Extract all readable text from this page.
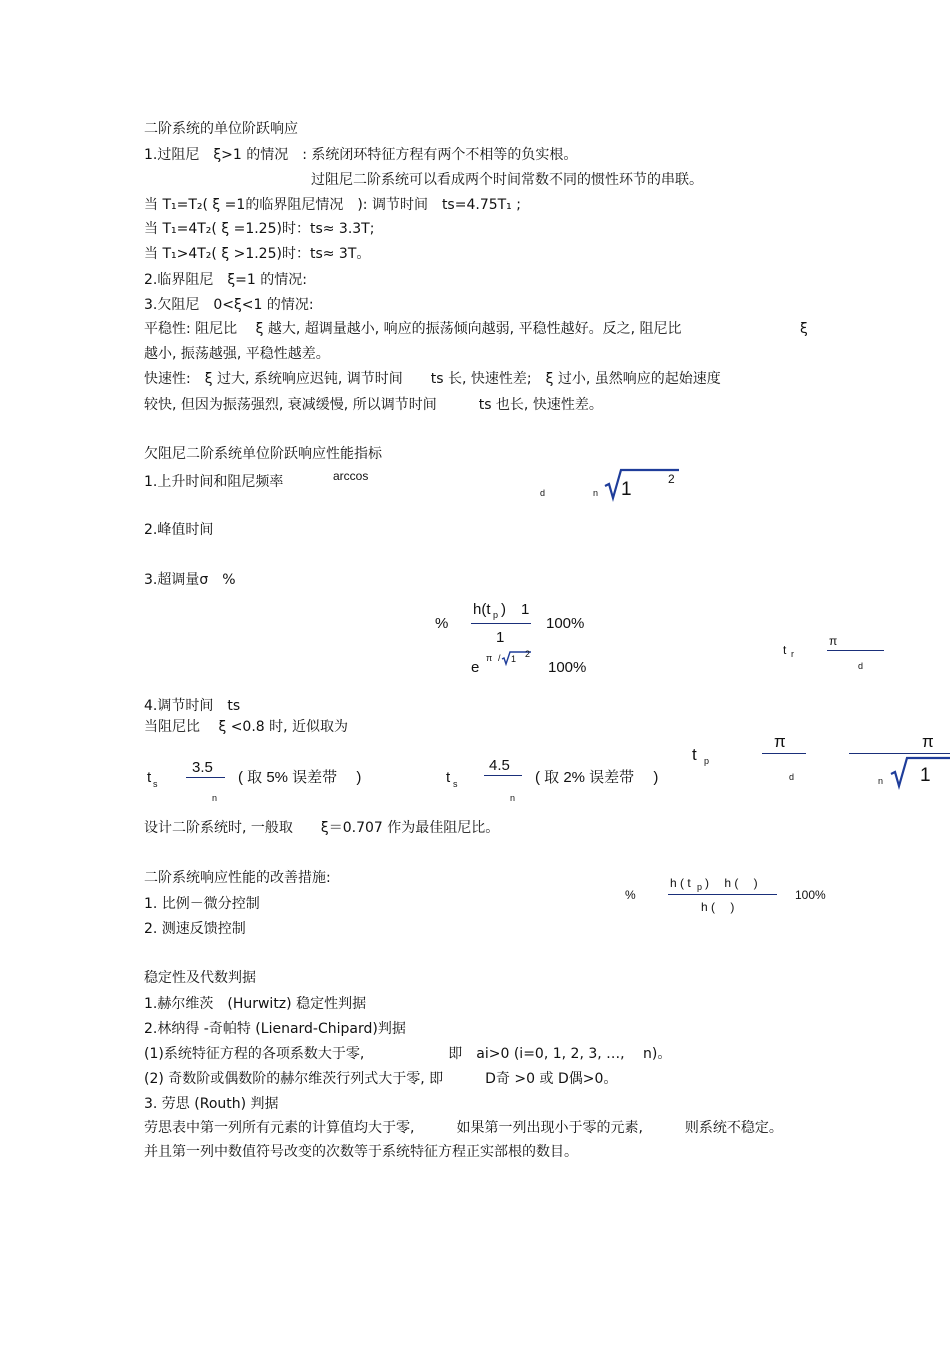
二阶系统的单位阶跃响应
1.过阻尼　ξ>1 的情况　: 系统闭环特征方程有两个不相等的负实根。
过阻尼二阶系统可以看成两个时间常数不同的惯性环节的串联。
当 T₁=T₂( ξ =1的临界阻尼情况　): 调节时间　ts=4.75T₁ ;
当 T₁=4T₂( ξ =1.25)时：ts≈ 3.3T;
当 T₁>4T₂( ξ >1.25)时：ts≈ 3T。
2.临界阻尼　ξ=1 的情况:
3.欠阻尼　0<ξ<1 的情况:
平稳性: 阻尼比　 ξ 越大, 超调量越小, 响应的振荡倾向越弱, 平稳性越好。反之, 阻尼比	ξ
越小, 振荡越强, 平稳性越差。
快速性:　ξ 过大, 系统响应迟钝, 调节时间　　ts 长, 快速性差;　ξ 过小, 虽然响应的起始速度
较快, 但因为振荡强烈, 衰减缓慢, 所以调节时间　　　ts 也长, 快速性差。
欠阻尼二阶系统单位阶跃响应性能指标
1.上升时间和阻尼频率	arccos
d	n 1	2
2.峰值时间
3.超调量σ　%
%
h(t p )　1
1
100%
e
π / 1 2
100%
t r
π
d
4.调节时间　ts
当阻尼比　 ξ <0.8 时, 近似取为
t s
3.5
n
( 取 5% 误差带　 )	t s
4.5
n
( 取 2% 误差带　 )
t p
π
d
π
n 1
设计二阶系统时, 一般取　　ξ＝0.707 作为最佳阻尼比。
二阶系统响应性能的改善措施:
1. 比例－微分控制
2. 测速反馈控制
%
h ( t p )　 h (　 )
h (　 )
100%
稳定性及代数判据
1.赫尔维茨　(Hurwitz) 稳定性判据
2.林纳得 -奇帕特 (Lienard-Chipard)判据
(1)系统特征方程的各项系数大于零,　　　　　　即　ai>0 (i=0, 1, 2, 3, …,　 n)。
(2) 奇数阶或偶数阶的赫尔维茨行列式大于零, 即　　　D奇 >0 或 D偶>0。
3. 劳思 (Routh) 判据
劳思表中第一列所有元素的计算值均大于零,　　　如果第一列出现小于零的元素,　　　则系统不稳定。
并且第一列中数值符号改变的次数等于系统特征方程正实部根的数目。
